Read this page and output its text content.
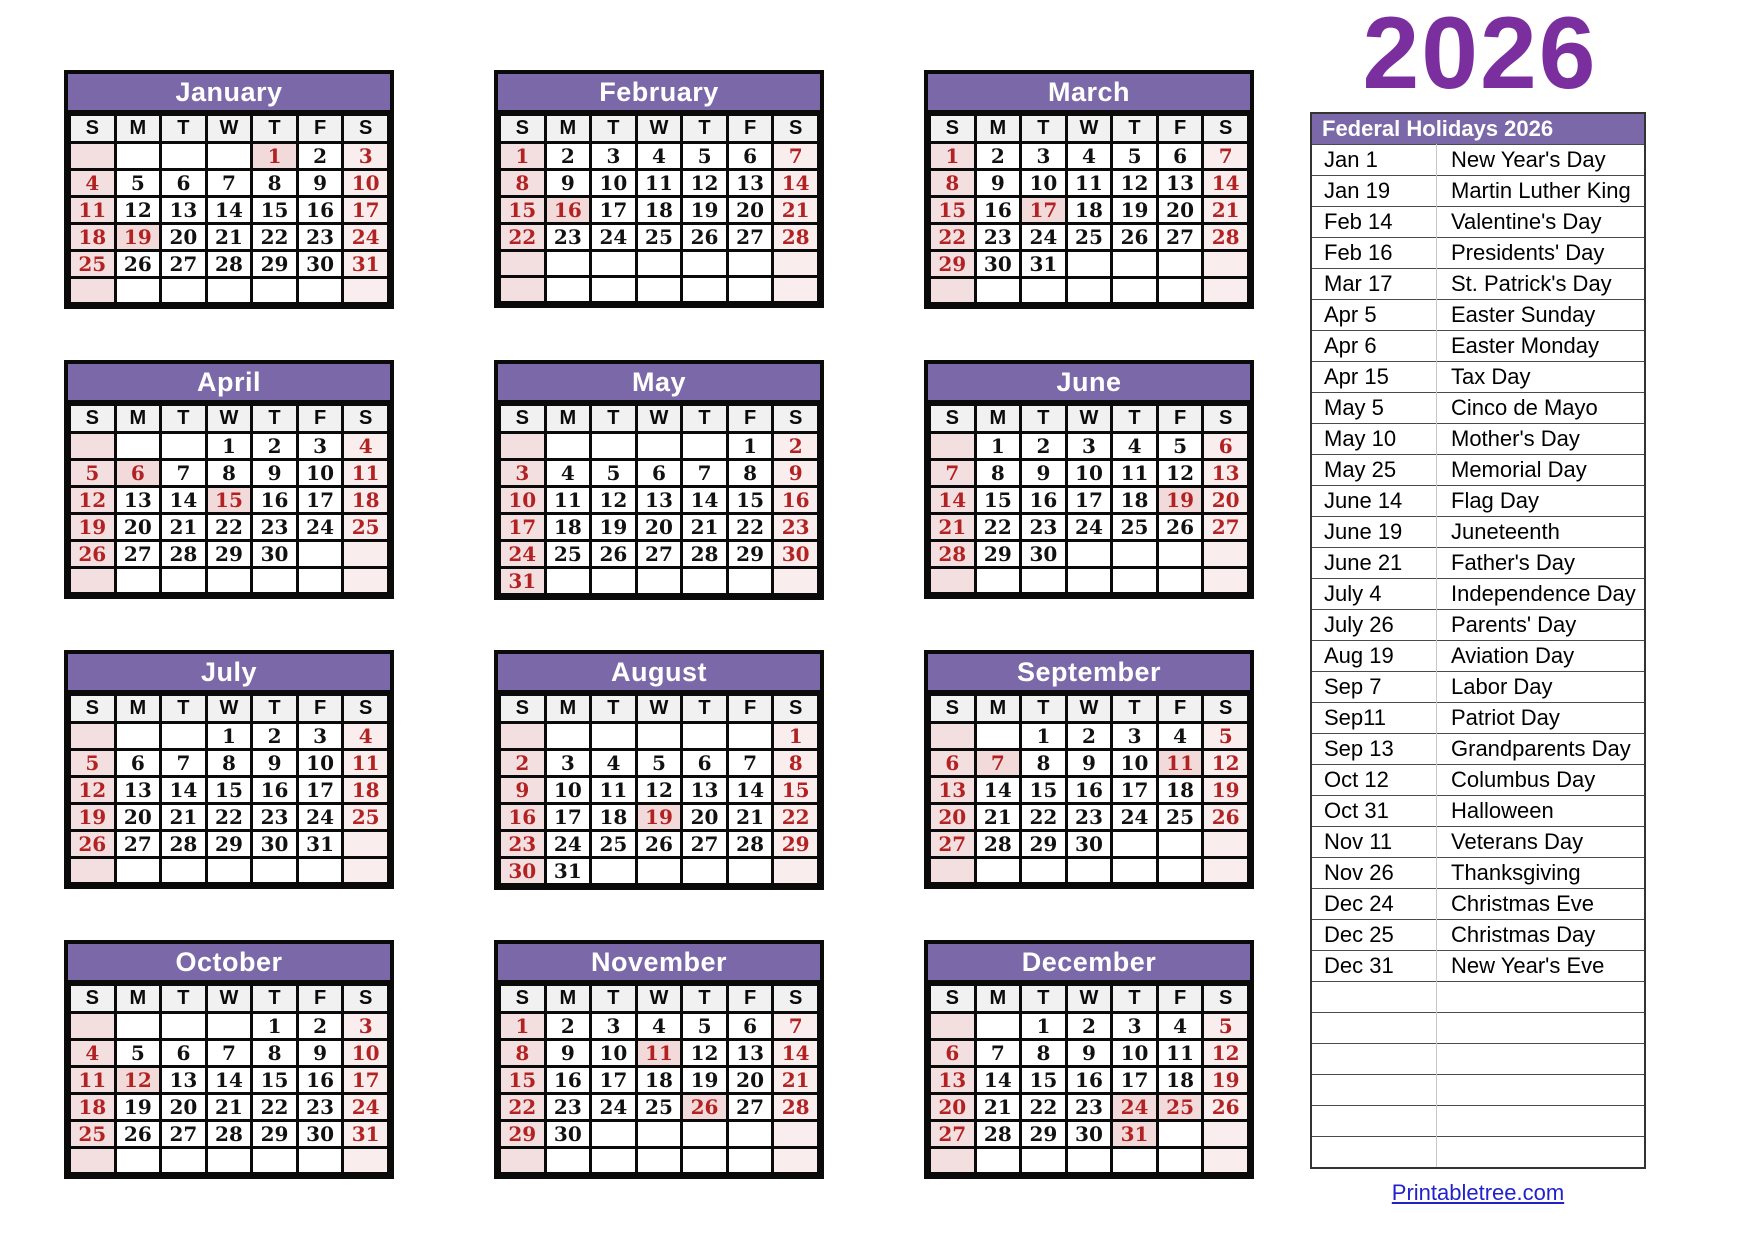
January
S	M	T	W	T	F	S
				1	2	3
4	5	6	7	8	9	10
11	12	13	14	15	16	17
18	19	20	21	22	23	24
25	26	27	28	29	30	31

February
S	M	T	W	T	F	S
1	2	3	4	5	6	7
8	9	10	11	12	13	14
15	16	17	18	19	20	21
22	23	24	25	26	27	28

March
S	M	T	W	T	F	S
1	2	3	4	5	6	7
8	9	10	11	12	13	14
15	16	17	18	19	20	21
22	23	24	25	26	27	28
29	30	31				

April
S	M	T	W	T	F	S
			1	2	3	4
5	6	7	8	9	10	11
12	13	14	15	16	17	18
19	20	21	22	23	24	25
26	27	28	29	30		

May
S	M	T	W	T	F	S
					1	2
3	4	5	6	7	8	9
10	11	12	13	14	15	16
17	18	19	20	21	22	23
24	25	26	27	28	29	30
31						
June
S	M	T	W	T	F	S
	1	2	3	4	5	6
7	8	9	10	11	12	13
14	15	16	17	18	19	20
21	22	23	24	25	26	27
28	29	30				

July
S	M	T	W	T	F	S
			1	2	3	4
5	6	7	8	9	10	11
12	13	14	15	16	17	18
19	20	21	22	23	24	25
26	27	28	29	30	31	

August
S	M	T	W	T	F	S
						1
2	3	4	5	6	7	8
9	10	11	12	13	14	15
16	17	18	19	20	21	22
23	24	25	26	27	28	29
30	31					
September
S	M	T	W	T	F	S
		1	2	3	4	5
6	7	8	9	10	11	12
13	14	15	16	17	18	19
20	21	22	23	24	25	26
27	28	29	30			

October
S	M	T	W	T	F	S
				1	2	3
4	5	6	7	8	9	10
11	12	13	14	15	16	17
18	19	20	21	22	23	24
25	26	27	28	29	30	31

November
S	M	T	W	T	F	S
1	2	3	4	5	6	7
8	9	10	11	12	13	14
15	16	17	18	19	20	21
22	23	24	25	26	27	28
29	30					

December
S	M	T	W	T	F	S
		1	2	3	4	5
6	7	8	9	10	11	12
13	14	15	16	17	18	19
20	21	22	23	24	25	26
27	28	29	30	31		

2026
Federal Holidays 2026
Jan 1	New Year's Day
Jan 19	Martin Luther King
Feb 14	Valentine's Day
Feb 16	Presidents' Day
Mar 17	St. Patrick's Day
Apr 5	Easter Sunday
Apr 6	Easter Monday
Apr 15	Tax Day
May 5	Cinco de Mayo
May 10	Mother's Day
May 25	Memorial Day
June 14	Flag Day
June 19	Juneteenth
June 21	Father's Day
July 4	Independence Day
July 26	Parents' Day
Aug 19	Aviation Day
Sep 7	Labor Day
Sep11	Patriot Day
Sep 13	Grandparents Day
Oct 12	Columbus Day
Oct 31	Halloween
Nov 11	Veterans Day
Nov 26	Thanksgiving
Dec 24	Christmas Eve
Dec 25	Christmas Day
Dec 31	New Year's Eve

Printabletree.com
